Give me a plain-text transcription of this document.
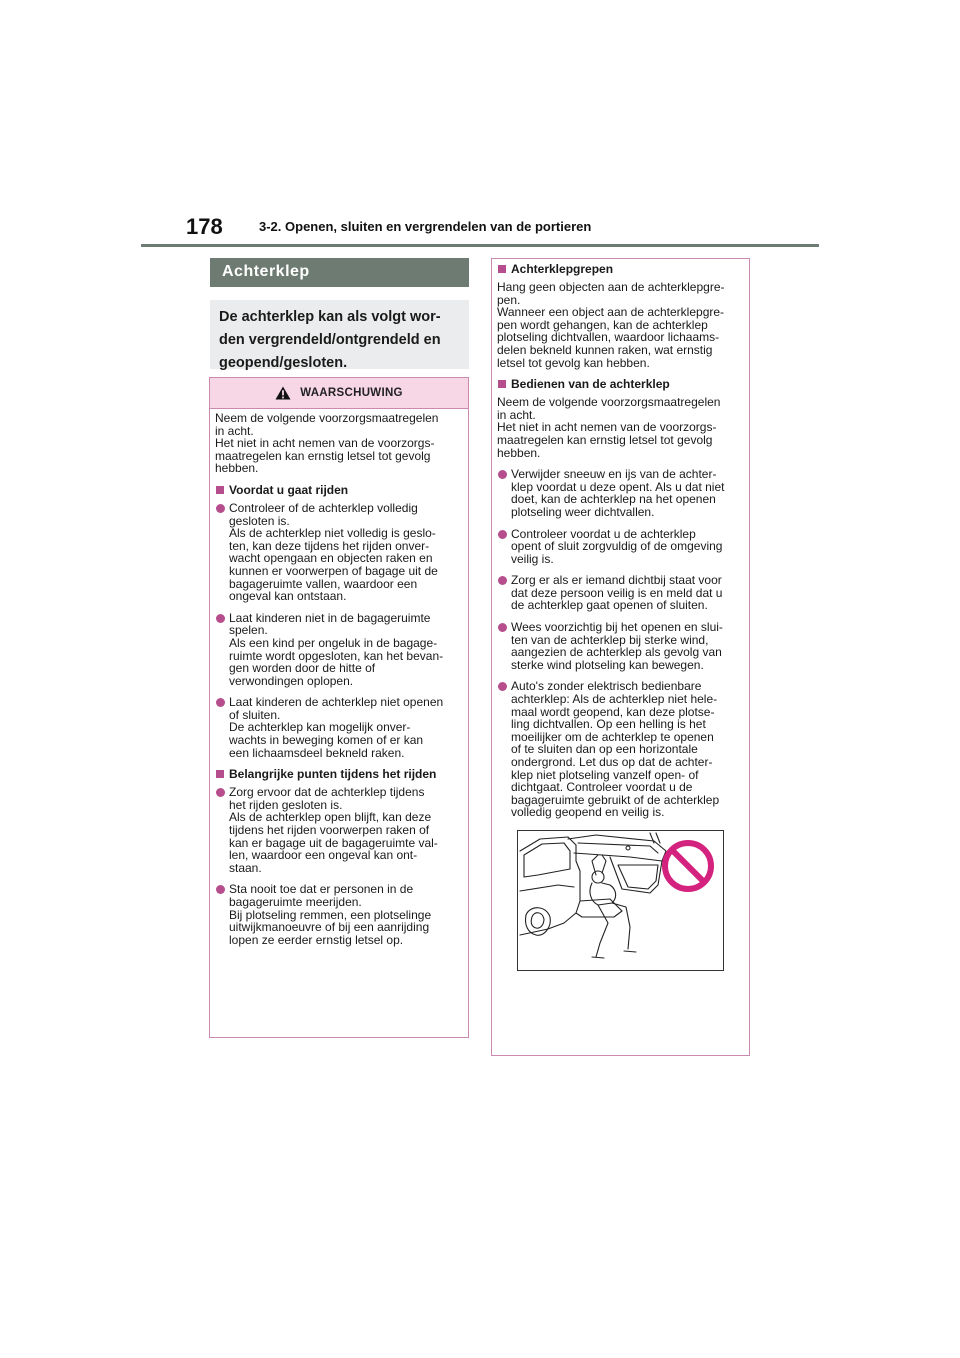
178	3-2. Openen, sluiten en vergrendelen van de portieren
Achterklep
De achterklep kan als volgt wor-
den vergrendeld/ontgrendeld en
geopend/gesloten.
WAARSCHUWING
Neem de volgende voorzorgsmaatregelen
in acht.
Het niet in acht nemen van de voorzorgs-
maatregelen kan ernstig letsel tot gevolg
hebben.
Voordat u gaat rijden
Controleer of de achterklep volledig
gesloten is.
Als de achterklep niet volledig is geslo-
ten, kan deze tijdens het rijden onver-
wacht opengaan en objecten raken en
kunnen er voorwerpen of bagage uit de
bagageruimte vallen, waardoor een
ongeval kan ontstaan.
Laat kinderen niet in de bagageruimte
spelen.
Als een kind per ongeluk in de bagage-
ruimte wordt opgesloten, kan het bevan-
gen worden door de hitte of
verwondingen oplopen.
Laat kinderen de achterklep niet openen
of sluiten.
De achterklep kan mogelijk onver-
wachts in beweging komen of er kan
een lichaamsdeel bekneld raken.
Belangrijke punten tijdens het rijden
Zorg ervoor dat de achterklep tijdens
het rijden gesloten is.
Als de achterklep open blijft, kan deze
tijdens het rijden voorwerpen raken of
kan er bagage uit de bagageruimte val-
len, waardoor een ongeval kan ont-
staan.
Sta nooit toe dat er personen in de
bagageruimte meerijden.
Bij plotseling remmen, een plotselinge
uitwijkmanoeuvre of bij een aanrijding
lopen ze eerder ernstig letsel op.
Achterklepgrepen
Hang geen objecten aan de achterklepgre-
pen.
Wanneer een object aan de achterklepgre-
pen wordt gehangen, kan de achterklep
plotseling dichtvallen, waardoor lichaams-
delen bekneld kunnen raken, wat ernstig
letsel tot gevolg kan hebben.
Bedienen van de achterklep
Neem de volgende voorzorgsmaatregelen
in acht.
Het niet in acht nemen van de voorzorgs-
maatregelen kan ernstig letsel tot gevolg
hebben.
Verwijder sneeuw en ijs van de achter-
klep voordat u deze opent. Als u dat niet
doet, kan de achterklep na het openen
plotseling weer dichtvallen.
Controleer voordat u de achterklep
opent of sluit zorgvuldig of de omgeving
veilig is.
Zorg er als er iemand dichtbij staat voor
dat deze persoon veilig is en meld dat u
de achterklep gaat openen of sluiten.
Wees voorzichtig bij het openen en slui-
ten van de achterklep bij sterke wind,
aangezien de achterklep als gevolg van
sterke wind plotseling kan bewegen.
Auto's zonder elektrisch bedienbare
achterklep: Als de achterklep niet hele-
maal wordt geopend, kan deze plotse-
ling dichtvallen. Op een helling is het
moeilijker om de achterklep te openen
of te sluiten dan op een horizontale
ondergrond. Let dus op dat de achter-
klep niet plotseling vanzelf open- of
dichtgaat. Controleer voordat u de
bagageruimte gebruikt of de achterklep
volledig geopend en veilig is.
